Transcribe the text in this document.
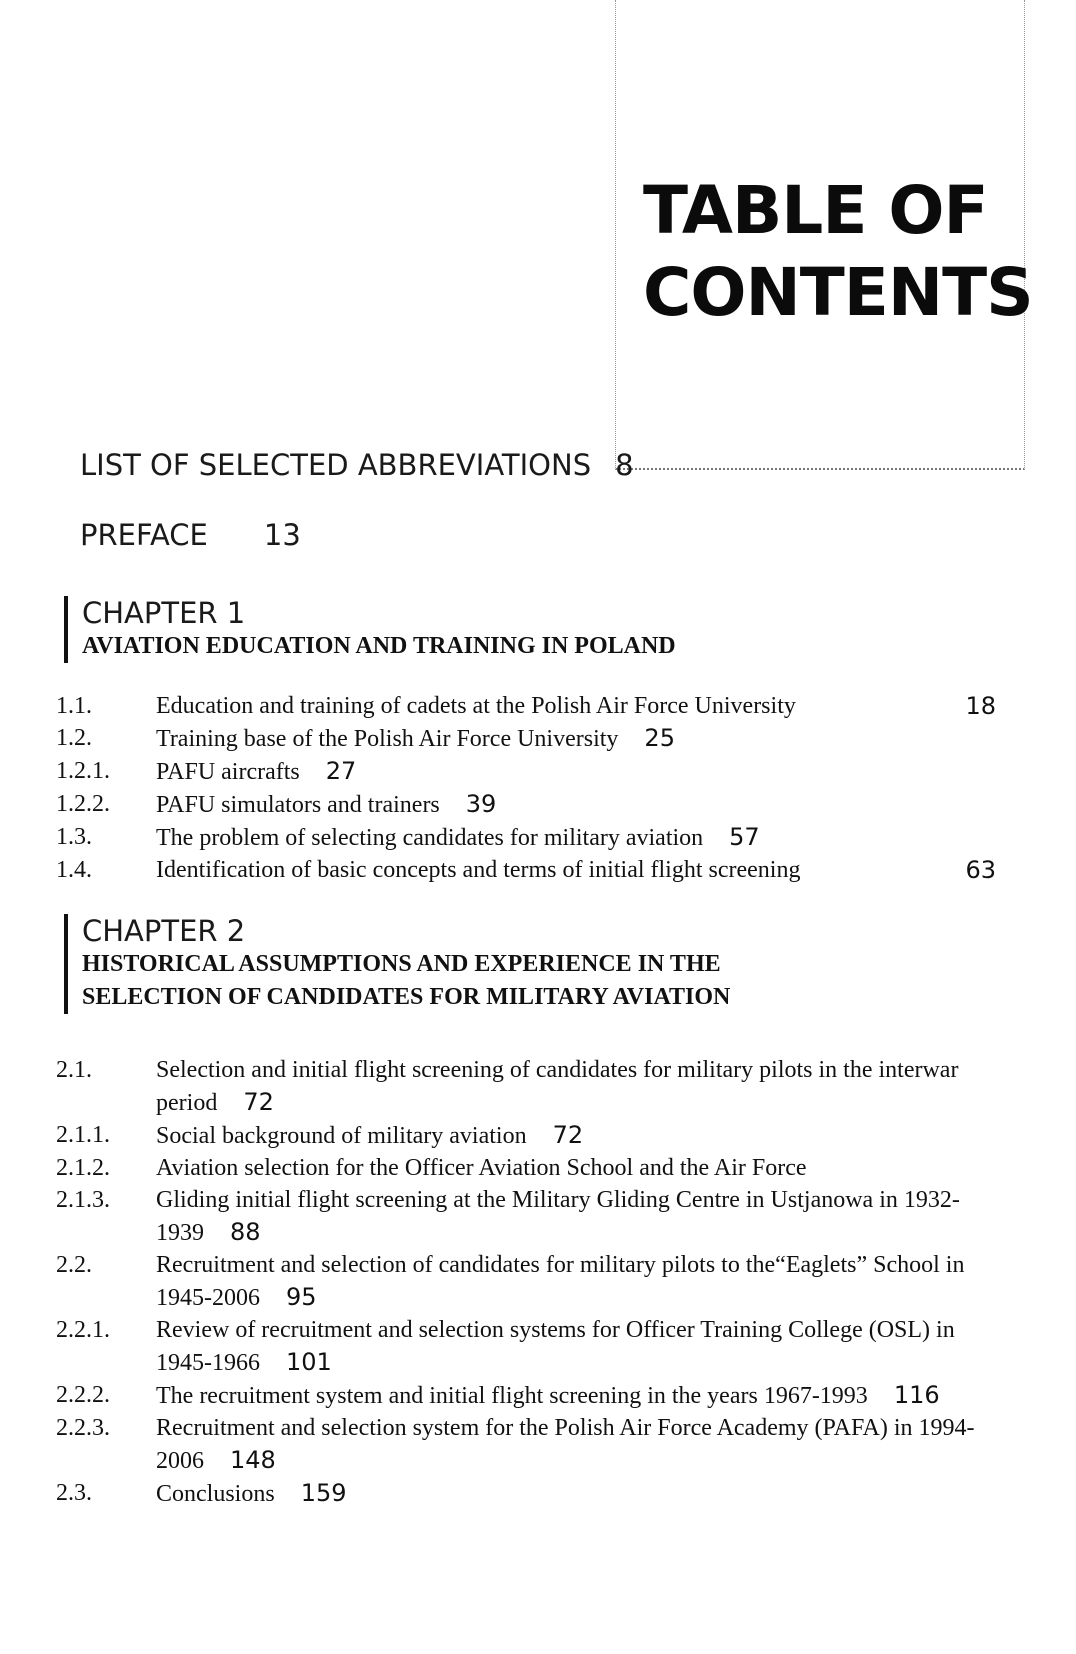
TABLE OF
CONTENTS
LIST OF SELECTED ABBREVIATIONS 8
PREFACE 13
CHAPTER 1
AVIATION EDUCATION AND TRAINING IN POLAND
1.1.	Education and training of cadets at the Polish Air Force University	18
1.2.	Training base of the Polish Air Force University 25
1.2.1.	PAFU aircrafts 27
1.2.2.	PAFU simulators and trainers 39
1.3.	The problem of selecting candidates for military aviation 57
1.4.	Identification of basic concepts and terms of initial flight screening	63
CHAPTER 2
HISTORICAL ASSUMPTIONS AND EXPERIENCE IN THE SELECTION OF CANDIDATES FOR MILITARY AVIATION
2.1.	Selection and initial flight screening of candidates for military pilots in the interwar period 72
2.1.1.	Social background of military aviation 72
2.1.2.	Aviation selection for the Officer Aviation School and the Air Force
2.1.3.	Gliding initial flight screening at the Military Gliding Centre in Ustjanowa in 1932-1939 88
2.2.	Recruitment and selection of candidates for military pilots to the“Eaglets” School in 1945-2006 95
2.2.1.	Review of recruitment and selection systems for Officer Training College (OSL) in 1945-1966 101
2.2.2.	The recruitment system and initial flight screening in the years 1967-1993 116
2.2.3.	Recruitment and selection system for the Polish Air Force Academy (PAFA) in 1994-2006 148
2.3.	Conclusions 159
